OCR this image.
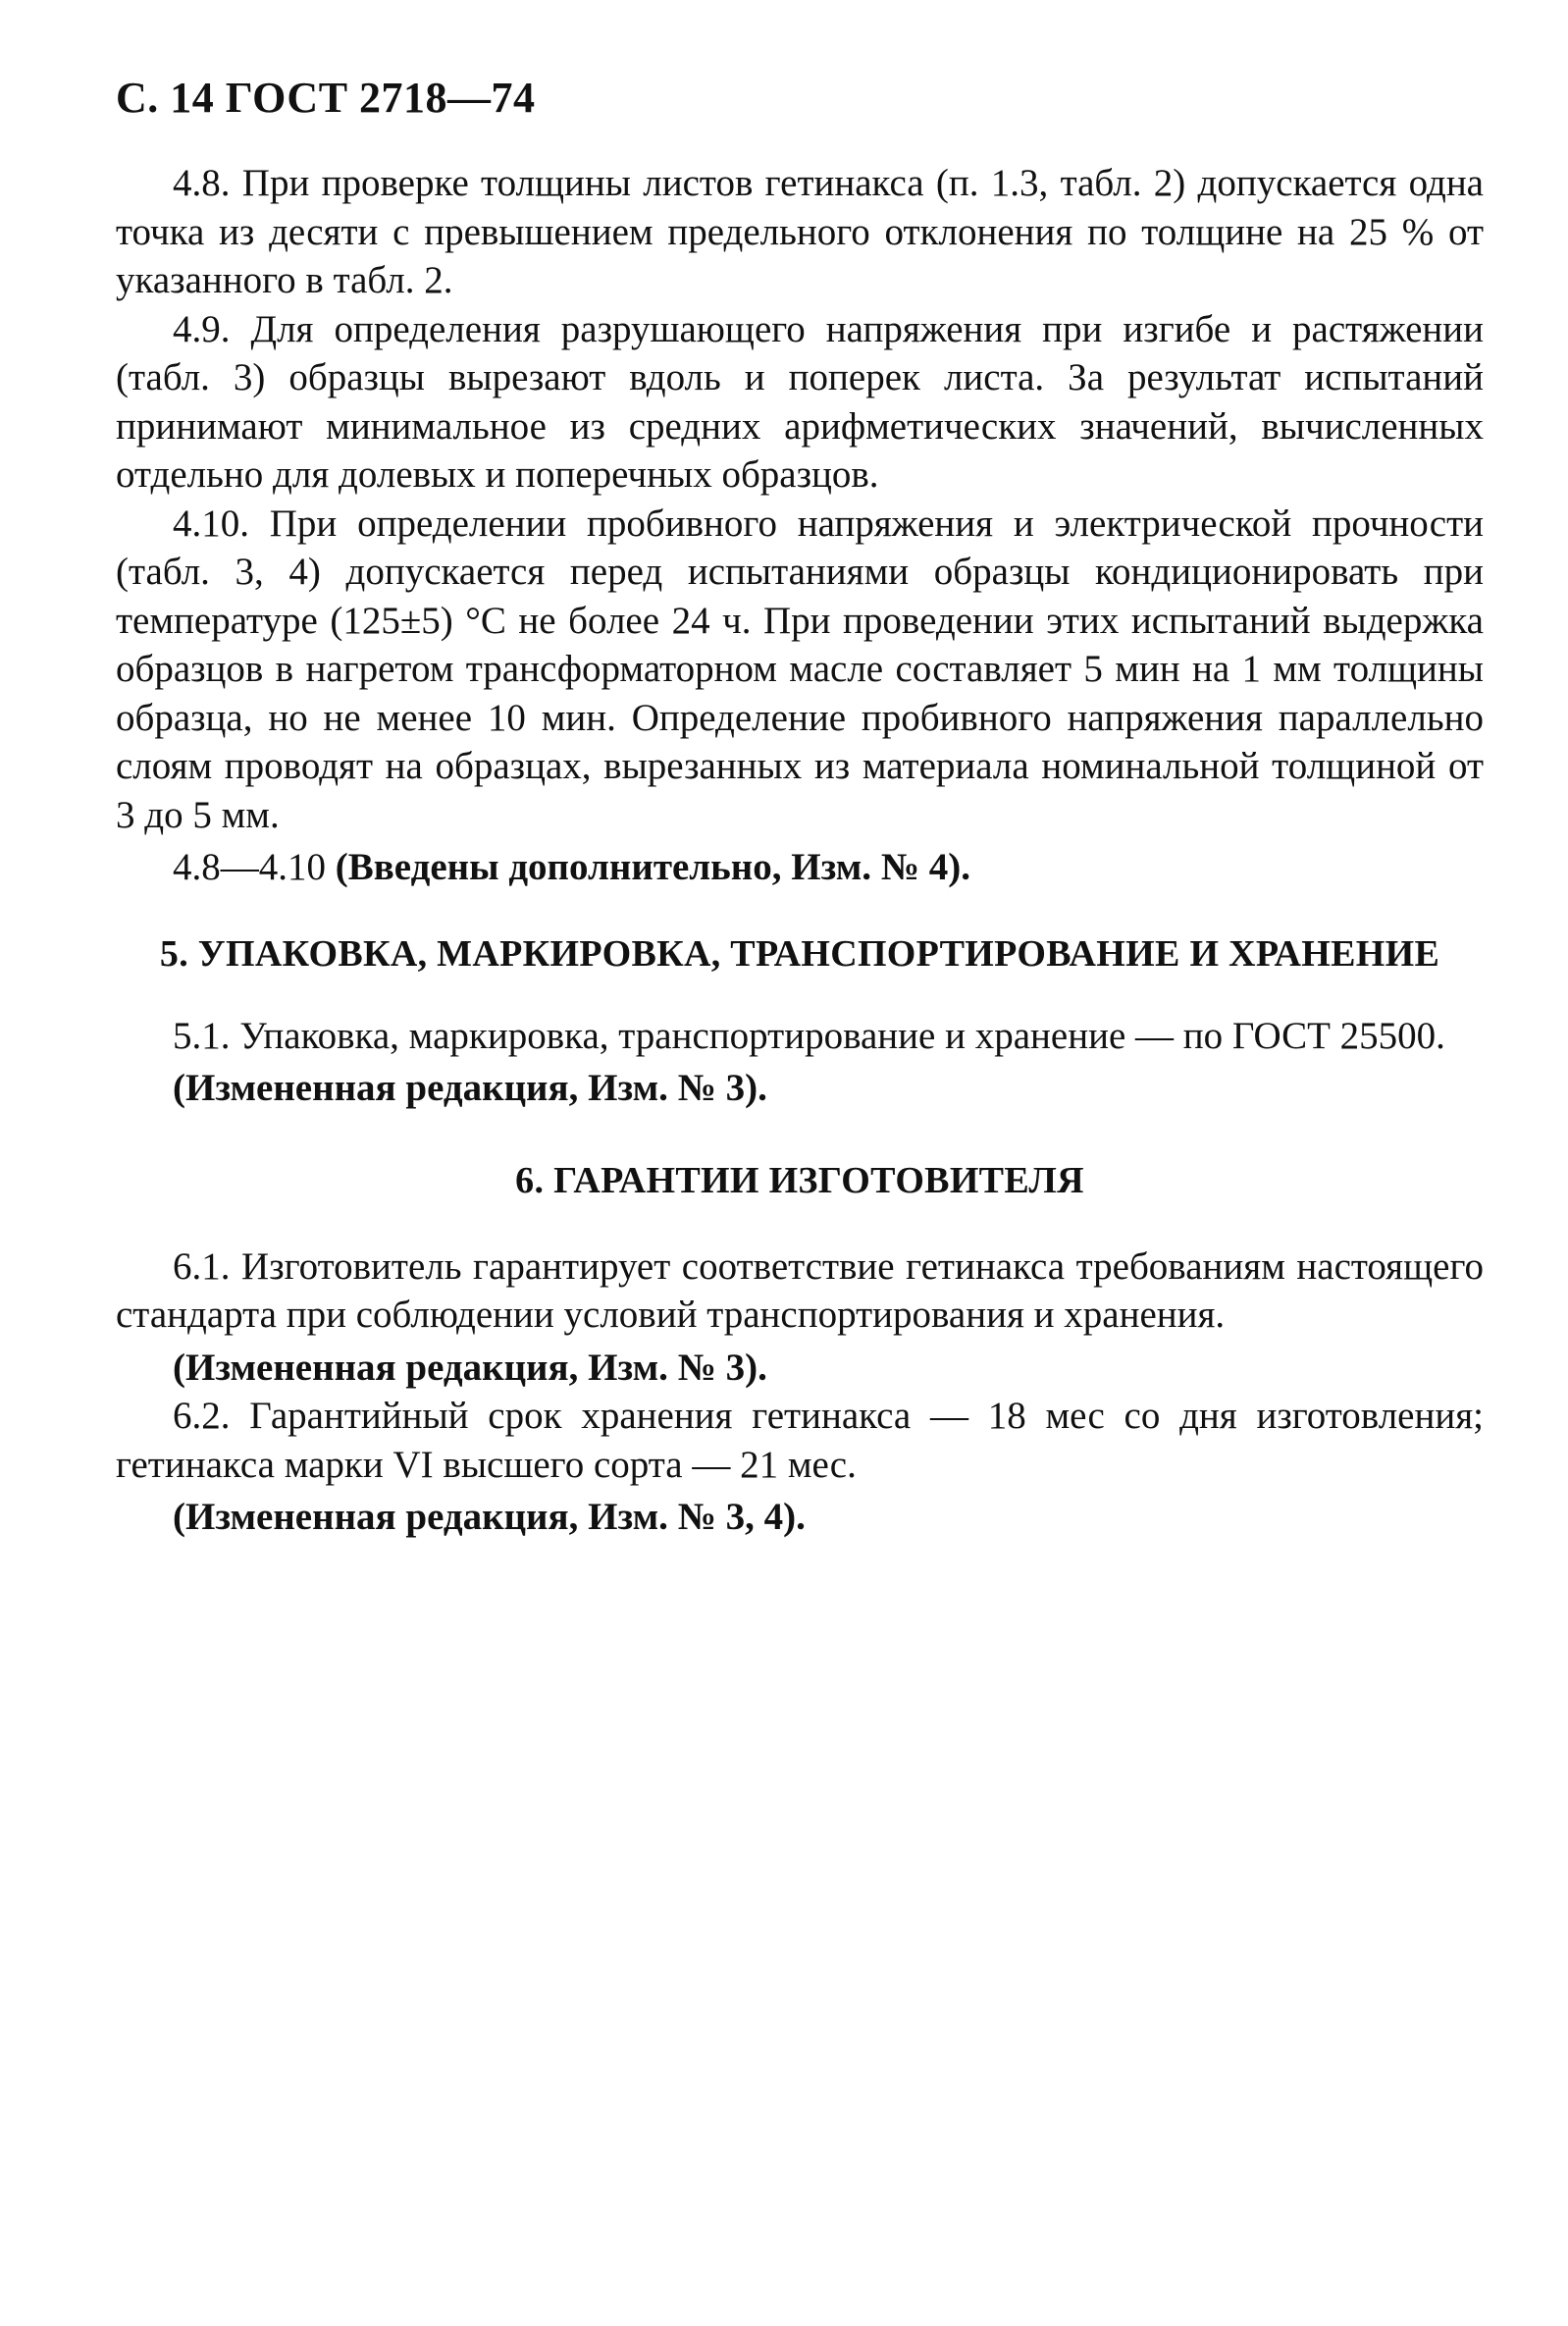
С. 14 ГОСТ 2718—74

4.8. При проверке толщины листов гетинакса (п. 1.3, табл. 2) допускается одна точка из десяти с превышением предельного отклонения по толщине на 25 % от указанного в табл. 2.

4.9. Для определения разрушающего напряжения при изгибе и растяжении (табл. 3) образцы вырезают вдоль и поперек листа. За результат испытаний принимают минимальное из средних арифметических значений, вычисленных отдельно для долевых и поперечных образцов.

4.10. При определении пробивного напряжения и электрической прочности (табл. 3, 4) допускается перед испытаниями образцы кондиционировать при температуре (125±5) °С не более 24 ч. При проведении этих испытаний выдержка образцов в нагретом трансформаторном масле составляет 5 мин на 1 мм толщины образца, но не менее 10 мин. Определение пробивного напряжения параллельно слоям проводят на образцах, вырезанных из материала номинальной толщиной от 3 до 5 мм.

4.8—4.10 (Введены дополнительно, Изм. № 4).
5. УПАКОВКА, МАРКИРОВКА, ТРАНСПОРТИРОВАНИЕ И ХРАНЕНИЕ

5.1. Упаковка, маркировка, транспортирование и хранение — по ГОСТ 25500.

(Измененная редакция, Изм. № 3).
6. ГАРАНТИИ ИЗГОТОВИТЕЛЯ

6.1. Изготовитель гарантирует соответствие гетинакса требованиям настоящего стандарта при соблюдении условий транспортирования и хранения.

(Измененная редакция, Изм. № 3).

6.2. Гарантийный срок хранения гетинакса — 18 мес со дня изготовления; гетинакса марки VI высшего сорта — 21 мес.

(Измененная редакция, Изм. № 3, 4).
